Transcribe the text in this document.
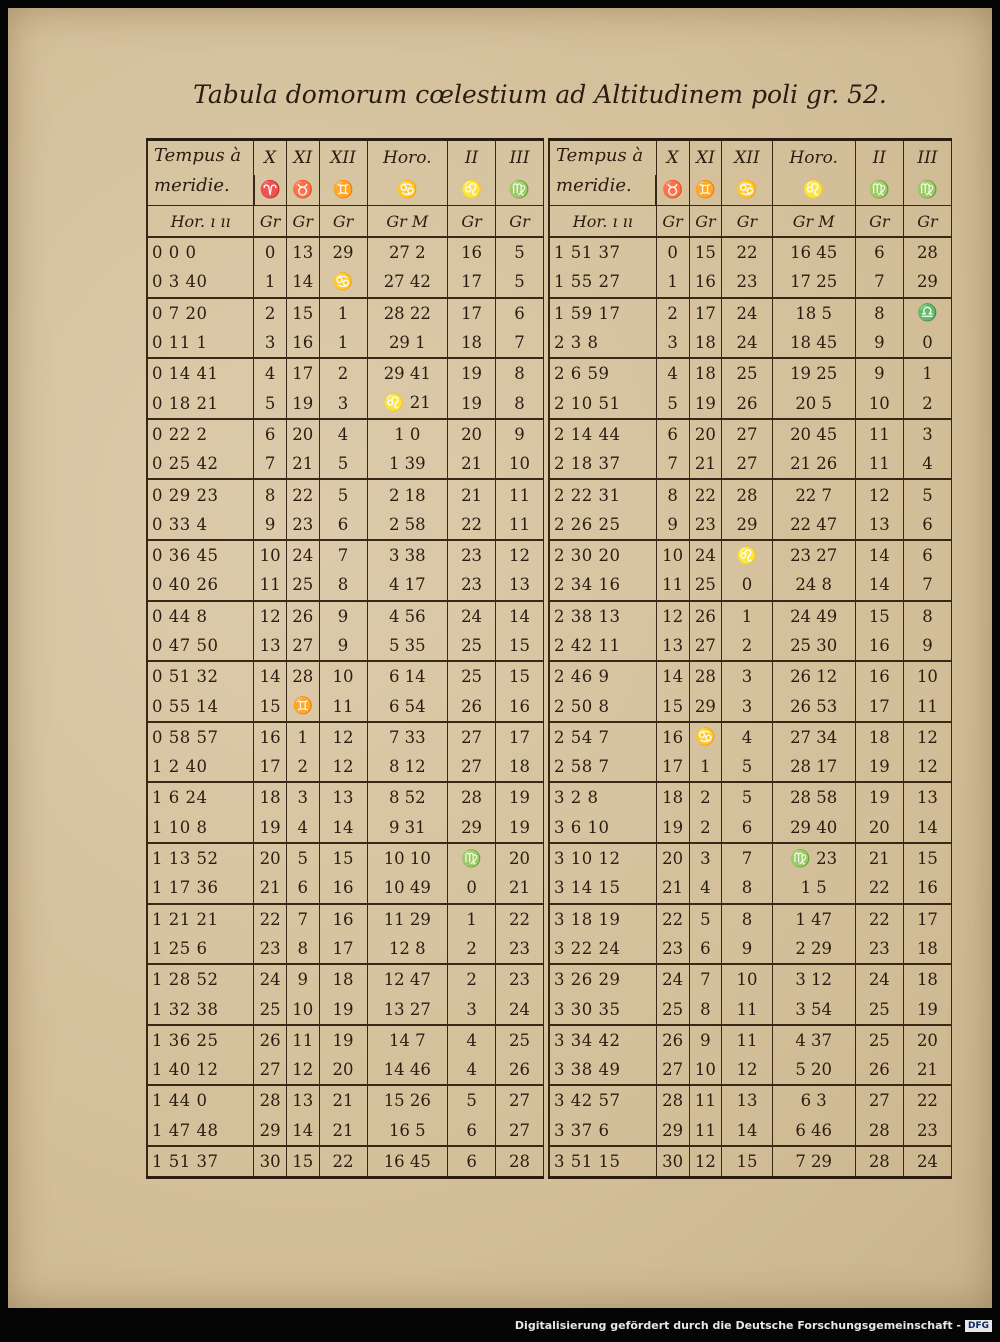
Tabula domorum cœlestium ad Altitudinem poli gr. 52.
Tempus à
meridie.	X	XI	XII	Horo.	II	III
	♈	♉	♊	♋	♌	♍
Hor. ı ıı	Gr	Gr	Gr	Gr M	Gr	Gr
0 0 0	0	13	29	27 2	16	5
0 3 40	1	14	♋	27 42	17	5
0 7 20	2	15	1	28 22	17	6
0 11 1	3	16	1	29 1	18	7
0 14 41	4	17	2	29 41	19	8
0 18 21	5	19	3	♌ 21	19	8
0 22 2	6	20	4	1 0	20	9
0 25 42	7	21	5	1 39	21	10
0 29 23	8	22	5	2 18	21	11
0 33 4	9	23	6	2 58	22	11
0 36 45	10	24	7	3 38	23	12
0 40 26	11	25	8	4 17	23	13
0 44 8	12	26	9	4 56	24	14
0 47 50	13	27	9	5 35	25	15
0 51 32	14	28	10	6 14	25	15
0 55 14	15	♊	11	6 54	26	16
0 58 57	16	1	12	7 33	27	17
1 2 40	17	2	12	8 12	27	18
1 6 24	18	3	13	8 52	28	19
1 10 8	19	4	14	9 31	29	19
1 13 52	20	5	15	10 10	♍	20
1 17 36	21	6	16	10 49	0	21
1 21 21	22	7	16	11 29	1	22
1 25 6	23	8	17	12 8	2	23
1 28 52	24	9	18	12 47	2	23
1 32 38	25	10	19	13 27	3	24
1 36 25	26	11	19	14 7	4	25
1 40 12	27	12	20	14 46	4	26
1 44 0	28	13	21	15 26	5	27
1 47 48	29	14	21	16 5	6	27
1 51 37	30	15	22	16 45	6	28
Tempus à
meridie.	X	XI	XII	Horo.	II	III
	♉	♊	♋	♌	♍	♍
Hor. ı ıı	Gr	Gr	Gr	Gr M	Gr	Gr
1 51 37	0	15	22	16 45	6	28
1 55 27	1	16	23	17 25	7	29
1 59 17	2	17	24	18 5	8	♎
2 3 8	3	18	24	18 45	9	0
2 6 59	4	18	25	19 25	9	1
2 10 51	5	19	26	20 5	10	2
2 14 44	6	20	27	20 45	11	3
2 18 37	7	21	27	21 26	11	4
2 22 31	8	22	28	22 7	12	5
2 26 25	9	23	29	22 47	13	6
2 30 20	10	24	♌	23 27	14	6
2 34 16	11	25	0	24 8	14	7
2 38 13	12	26	1	24 49	15	8
2 42 11	13	27	2	25 30	16	9
2 46 9	14	28	3	26 12	16	10
2 50 8	15	29	3	26 53	17	11
2 54 7	16	♋	4	27 34	18	12
2 58 7	17	1	5	28 17	19	12
3 2 8	18	2	5	28 58	19	13
3 6 10	19	2	6	29 40	20	14
3 10 12	20	3	7	♍ 23	21	15
3 14 15	21	4	8	1 5	22	16
3 18 19	22	5	8	1 47	22	17
3 22 24	23	6	9	2 29	23	18
3 26 29	24	7	10	3 12	24	18
3 30 35	25	8	11	3 54	25	19
3 34 42	26	9	11	4 37	25	20
3 38 49	27	10	12	5 20	26	21
3 42 57	28	11	13	6 3	27	22
3 37 6	29	11	14	6 46	28	23
3 51 15	30	12	15	7 29	28	24
Digitalisierung gefördert durch die Deutsche Forschungsgemeinschaft - DFG
